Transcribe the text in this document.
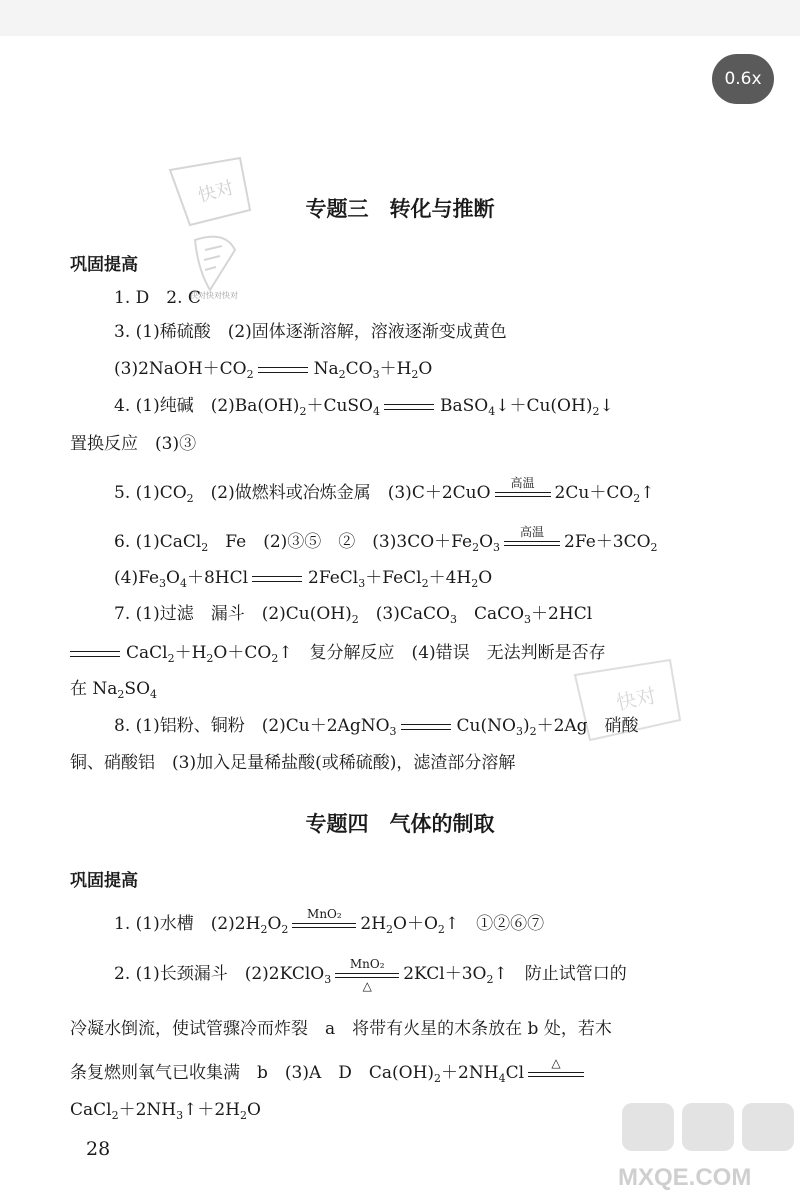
0.6x
快对
快对快对快对
快对
MXQE.COM
专题三　转化与推断
巩固提高
1. D　2. C
3. (1)稀硫酸　(2)固体逐渐溶解，溶液逐渐变成黄色
$(3)2NaOH+CO_2$	$Na_2CO_3+H_2O$
4. (1)纯碱　$(2)Ba(OH)_2+CuSO_4$	$BaSO_4↓+Cu(OH)_2↓$
置换反应　(3)③
5. $(1)CO_2$　(2)做燃料或冶炼金属　(3)C＋2CuO
高温
$2Cu+CO_2↑$
6. (1)CaCl$_2$　Fe　(2)③⑤　②　$(3)3CO+Fe_2O_3$
高温
$2Fe+3CO_2$
$(4)Fe_3O_4+8HCl$	$2FeCl_3+FeCl_2+4H_2O$
7. (1)过滤　漏斗　$(2)Cu(OH)_2$　(3)CaCO$_3$　CaCO$_3$＋2HCl
$CaCl_2+H_2O+CO_2↑$　复分解反应　(4)错误　无法判断是否存
在 $Na_2SO_4$
8. (1)铝粉、铜粉　(2)Cu＋2AgNO$_3$	$Cu(NO_3)_2+2Ag$　硝酸
铜、硝酸铝　(3)加入足量稀盐酸(或稀硫酸)，滤渣部分溶解
专题四　气体的制取
巩固提高
1. (1)水槽　$(2)2H_2O_2$
MnO₂
$2H_2O+O_2↑$　①②⑥⑦
2. (1)长颈漏斗　(2)2KClO$_3$
MnO₂
△
$2KCl+3O_2↑$　防止试管口的
冷凝水倒流，使试管骤冷而炸裂　a　将带有火星的木条放在 b 处，若木
条复燃则氧气已收集满　b　(3)A　D　$Ca(OH)_2+2NH_4Cl$
△
$CaCl_2+2NH_3↑+2H_2O$
28
